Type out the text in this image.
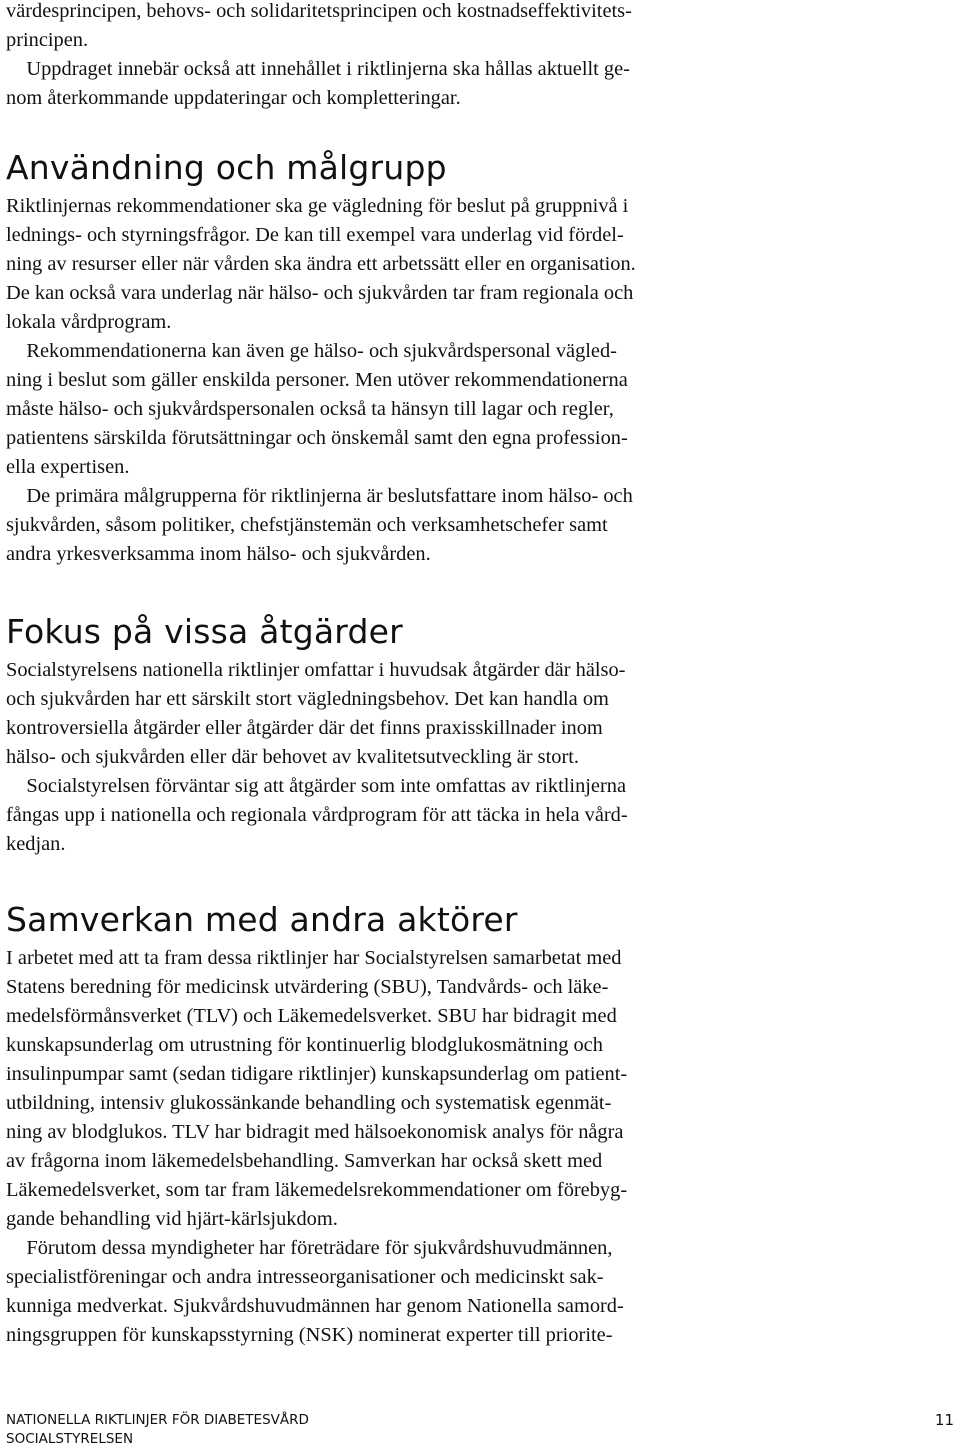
värdesprincipen, behovs- och solidaritetsprincipen och kostnadseffektivitets-
principen.
Uppdraget innebär också att innehållet i riktlinjerna ska hållas aktuellt ge-
nom återkommande uppdateringar och kompletteringar.
Användning och målgrupp
Riktlinjernas rekommendationer ska ge vägledning för beslut på gruppnivå i
lednings- och styrningsfrågor. De kan till exempel vara underlag vid fördel-
ning av resurser eller när vården ska ändra ett arbetssätt eller en organisation.
De kan också vara underlag när hälso- och sjukvården tar fram regionala och
lokala vårdprogram.
Rekommendationerna kan även ge hälso- och sjukvårdspersonal vägled-
ning i beslut som gäller enskilda personer. Men utöver rekommendationerna
måste hälso- och sjukvårdspersonalen också ta hänsyn till lagar och regler,
patientens särskilda förutsättningar och önskemål samt den egna profession-
ella expertisen.
De primära målgrupperna för riktlinjerna är beslutsfattare inom hälso- och
sjukvården, såsom politiker, chefstjänstemän och verksamhetschefer samt
andra yrkesverksamma inom hälso- och sjukvården.
Fokus på vissa åtgärder
Socialstyrelsens nationella riktlinjer omfattar i huvudsak åtgärder där hälso-
och sjukvården har ett särskilt stort vägledningsbehov. Det kan handla om
kontroversiella åtgärder eller åtgärder där det finns praxisskillnader inom
hälso- och sjukvården eller där behovet av kvalitetsutveckling är stort.
Socialstyrelsen förväntar sig att åtgärder som inte omfattas av riktlinjerna
fångas upp i nationella och regionala vårdprogram för att täcka in hela vård-
kedjan.
Samverkan med andra aktörer
I arbetet med att ta fram dessa riktlinjer har Socialstyrelsen samarbetat med
Statens beredning för medicinsk utvärdering (SBU), Tandvårds- och läke-
medelsförmånsverket (TLV) och Läkemedelsverket. SBU har bidragit med
kunskapsunderlag om utrustning för kontinuerlig blodglukosmätning och
insulinpumpar samt (sedan tidigare riktlinjer) kunskapsunderlag om patient-
utbildning, intensiv glukossänkande behandling och systematisk egenmät-
ning av blodglukos. TLV har bidragit med hälsoekonomisk analys för några
av frågorna inom läkemedelsbehandling. Samverkan har också skett med
Läkemedelsverket, som tar fram läkemedelsrekommendationer om förebyg-
gande behandling vid hjärt-kärlsjukdom.
Förutom dessa myndigheter har företrädare för sjukvårdshuvudmännen,
specialistföreningar och andra intresseorganisationer och medicinskt sak-
kunniga medverkat. Sjukvårdshuvudmännen har genom Nationella samord-
ningsgruppen för kunskapsstyrning (NSK) nominerat experter till priorite-
NATIONELLA RIKTLINJER FÖR DIABETESVÅRD
SOCIALSTYRELSEN
11
